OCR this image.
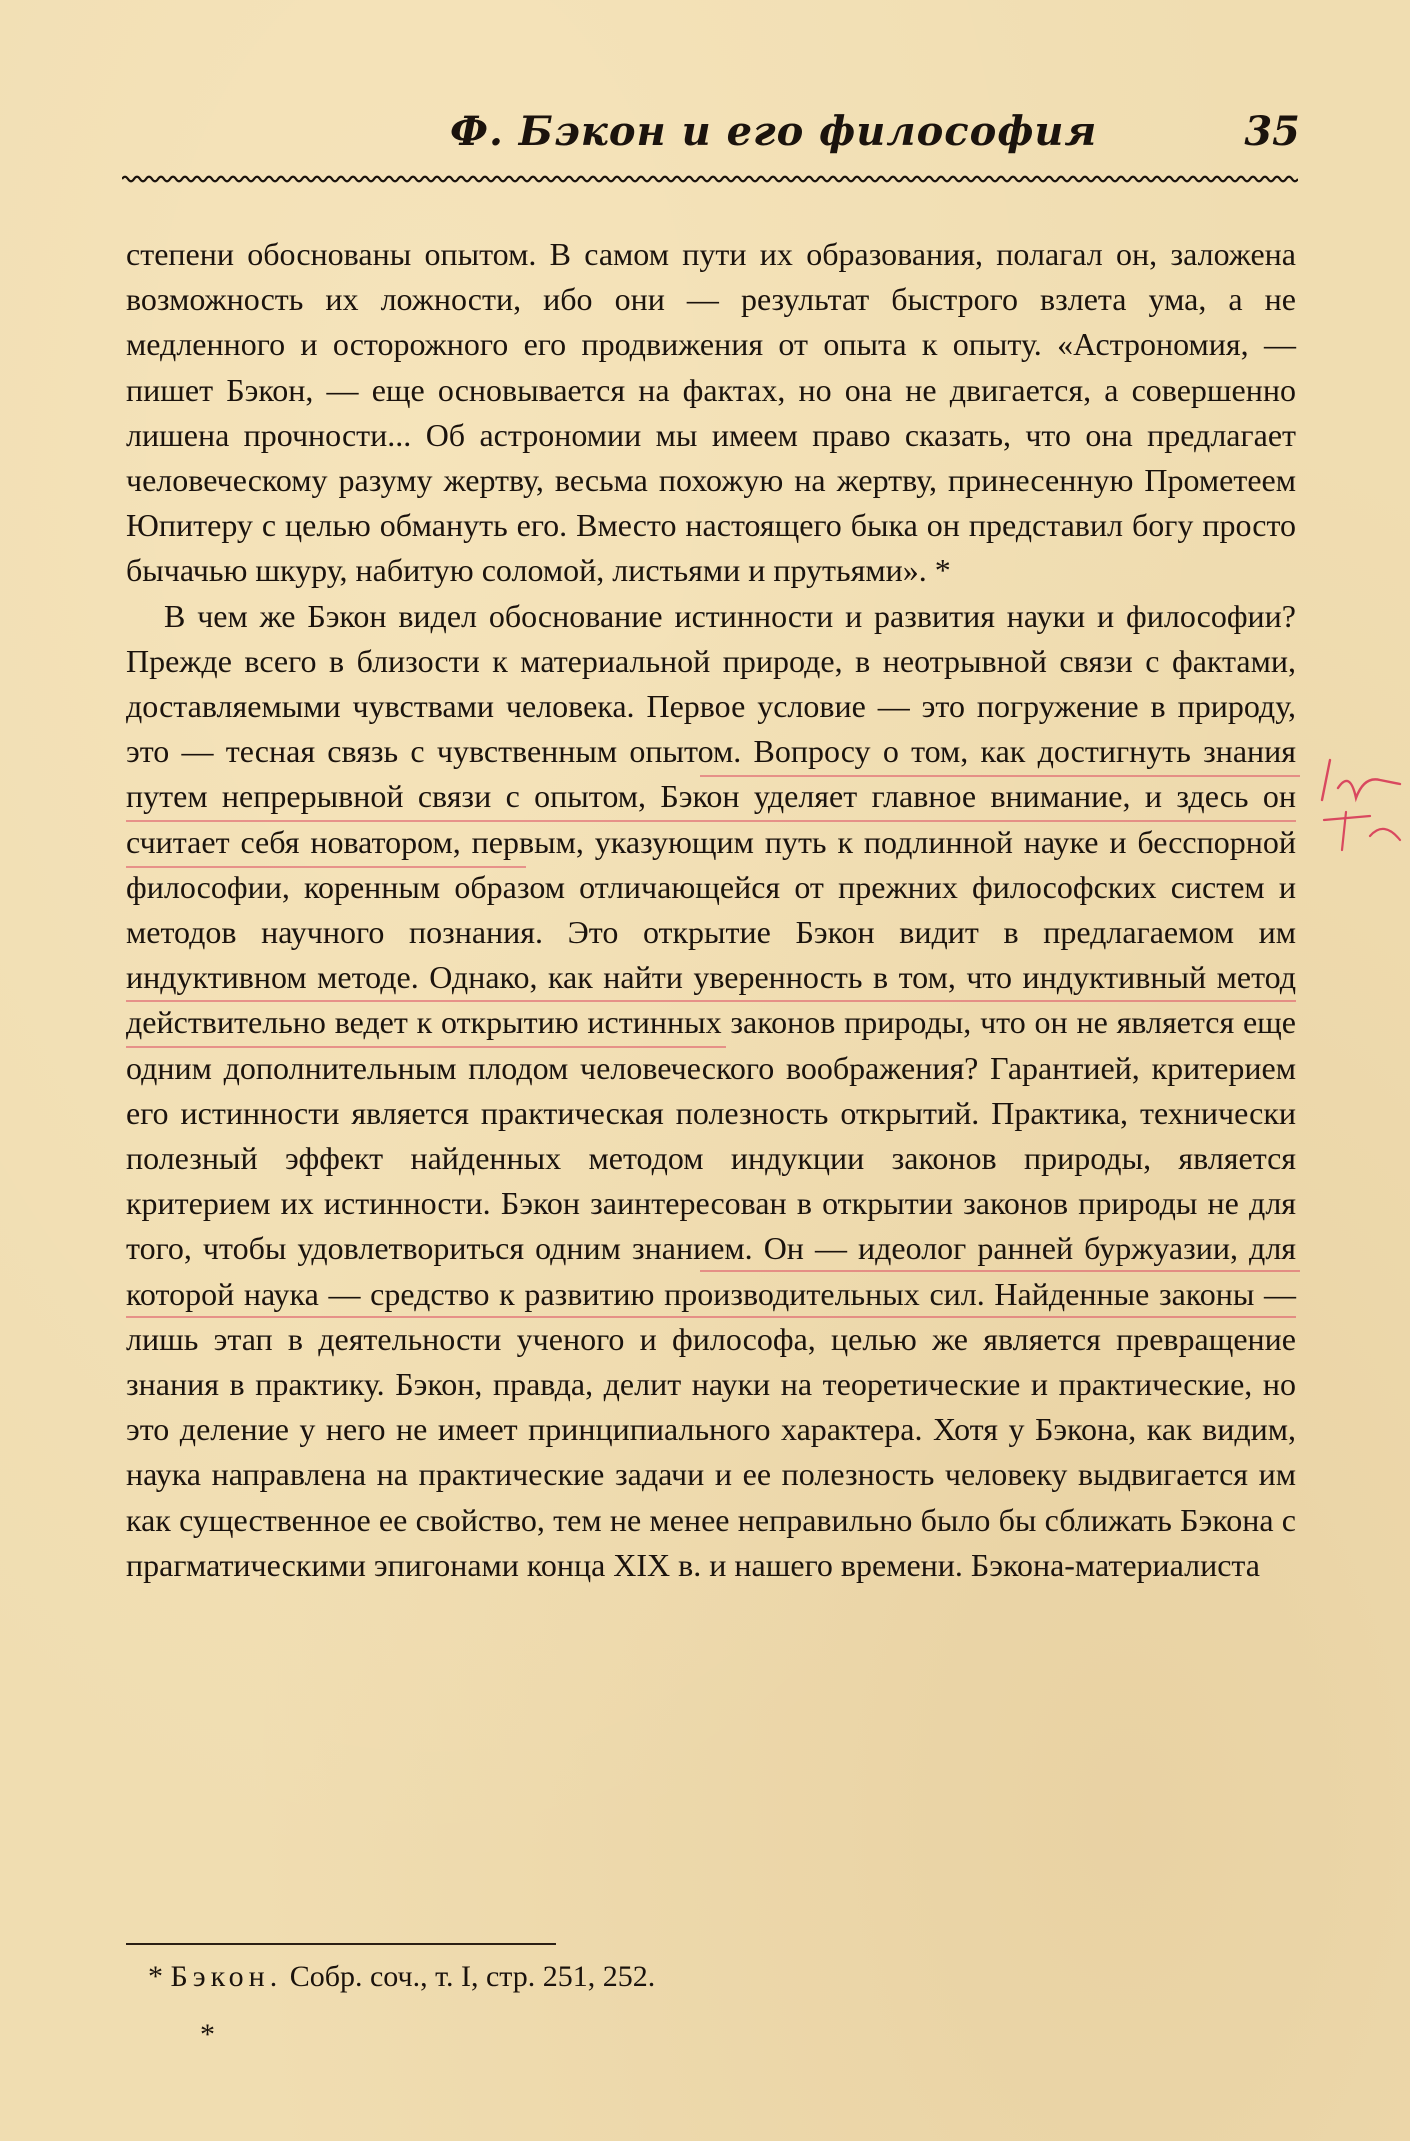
Ф. Бэкон и его философия	35

степени обоснованы опытом. В самом пути их образования, полагал он, заложена возможность их ложности, ибо они — результат быстрого взлета ума, а не медленного и осторожного его продвижения от опыта к опыту. «Астрономия, — пишет Бэкон, — еще основывается на фактах, но она не двигается, а совершенно лишена прочности... Об астрономии мы имеем право сказать, что она предлагает человеческому разуму жертву, весьма похожую на жертву, принесенную Прометеем Юпитеру с целью обмануть его. Вместо настоящего быка он представил богу просто бычачью шкуру, набитую соломой, листьями и прутьями». *

В чем же Бэкон видел обоснование истинности и развития науки и философии? Прежде всего в близости к материальной природе, в неотрывной связи с фактами, доставляемыми чувствами человека. Первое условие — это погружение в природу, это — тесная связь с чувственным опытом. Вопросу о том, как достигнуть знания путем непрерывной связи с опытом, Бэкон уделяет главное внимание, и здесь он считает себя новатором, первым, указующим путь к подлинной науке и бесспорной философии, коренным образом отличающейся от прежних философских систем и методов научного познания. Это открытие Бэкон видит в предлагаемом им индуктивном методе. Однако, как найти уверенность в том, что индуктивный метод действительно ведет к открытию истинных законов природы, что он не является еще одним дополнительным плодом человеческого воображения? Гарантией, критерием его истинности является практическая полезность открытий. Практика, технически полезный эффект найденных методом индукции законов природы, является критерием их истинности. Бэкон заинтересован в открытии законов природы не для того, чтобы удовлетвориться одним знанием. Он — идеолог ранней буржуазии, для которой наука — средство к развитию производительных сил. Найденные законы — лишь этап в деятельности ученого и философа, целью же является превращение знания в практику. Бэкон, правда, делит науки на теоретические и практические, но это деление у него не имеет принципиального характера. Хотя у Бэкона, как видим, наука направлена на практические задачи и ее полезность человеку выдвигается им как существенное ее свойство, тем не менее неправильно было бы сближать Бэкона с прагматическими эпигонами конца XIX в. и нашего времени. Бэкона-материалиста

* Бэкон. Собр. соч., т. I, стр. 251, 252.
*
